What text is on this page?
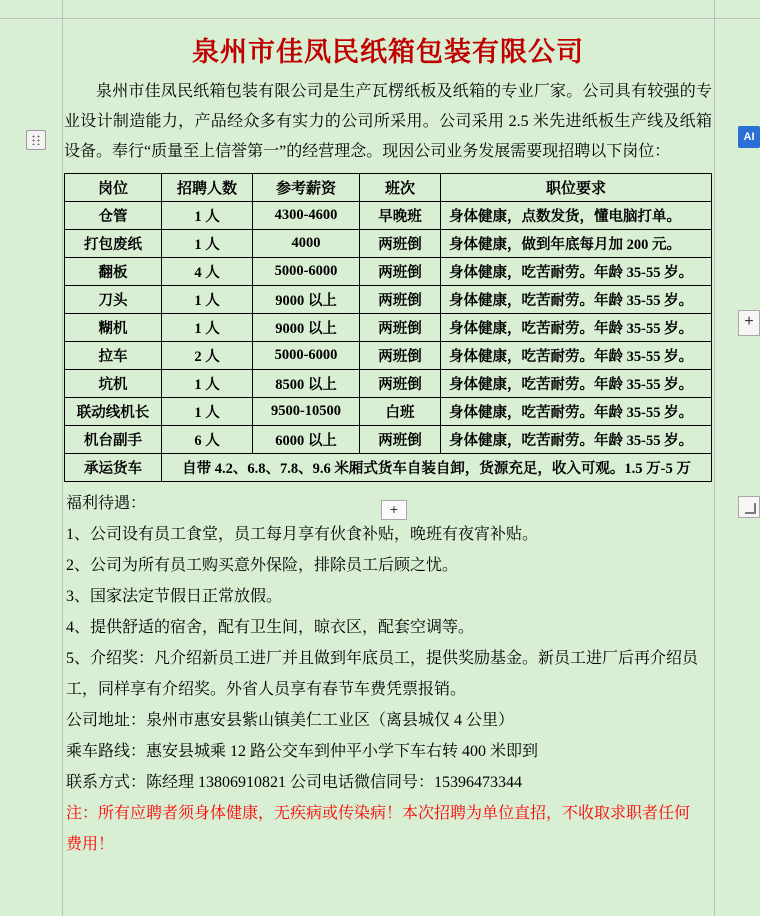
泉州市佳凤民纸箱包装有限公司
泉州市佳凤民纸箱包装有限公司是生产瓦楞纸板及纸箱的专业厂家。公司具有较强的专业设计制造能力，产品经众多有实力的公司所采用。公司采用 2.5 米先进纸板生产线及纸箱设备。奉行“质量至上信誉第一”的经营理念。现因公司业务发展需要现招聘以下岗位：
岗位	招聘人数	参考薪资	班次	职位要求
仓管	1 人	4300-4600	早晚班	身体健康，点数发货，懂电脑打单。
打包废纸	1 人	4000	两班倒	身体健康，做到年底每月加 200 元。
翻板	4 人	5000-6000	两班倒	身体健康，吃苦耐劳。年龄 35-55 岁。
刀头	1 人	9000 以上	两班倒	身体健康，吃苦耐劳。年龄 35-55 岁。
糊机	1 人	9000 以上	两班倒	身体健康，吃苦耐劳。年龄 35-55 岁。
拉车	2 人	5000-6000	两班倒	身体健康，吃苦耐劳。年龄 35-55 岁。
坑机	1 人	8500 以上	两班倒	身体健康，吃苦耐劳。年龄 35-55 岁。
联动线机长	1 人	9500-10500	白班	身体健康，吃苦耐劳。年龄 35-55 岁。
机台副手	6 人	6000 以上	两班倒	身体健康，吃苦耐劳。年龄 35-55 岁。
承运货车	自带 4.2、6.8、7.8、9.6 米厢式货车自装自卸，货源充足，收入可观。1.5 万-5 万			
福利待遇：
1、公司设有员工食堂，员工每月享有伙食补贴，晚班有夜宵补贴。
2、公司为所有员工购买意外保险，排除员工后顾之忧。
3、国家法定节假日正常放假。
4、提供舒适的宿舍，配有卫生间，晾衣区，配套空调等。
5、介绍奖：凡介绍新员工进厂并且做到年底员工，提供奖励基金。新员工进厂后再介绍员
工，同样享有介绍奖。外省人员享有春节车费凭票报销。
公司地址：泉州市惠安县紫山镇美仁工业区（离县城仅 4 公里）
乘车路线：惠安县城乘 12 路公交车到仲平小学下车右转 400 米即到
联系方式：陈经理 13806910821 公司电话微信同号：15396473344
注：所有应聘者须身体健康，无疾病或传染病！本次招聘为单位直招，不收取求职者任何
费用！
AI
+
+
